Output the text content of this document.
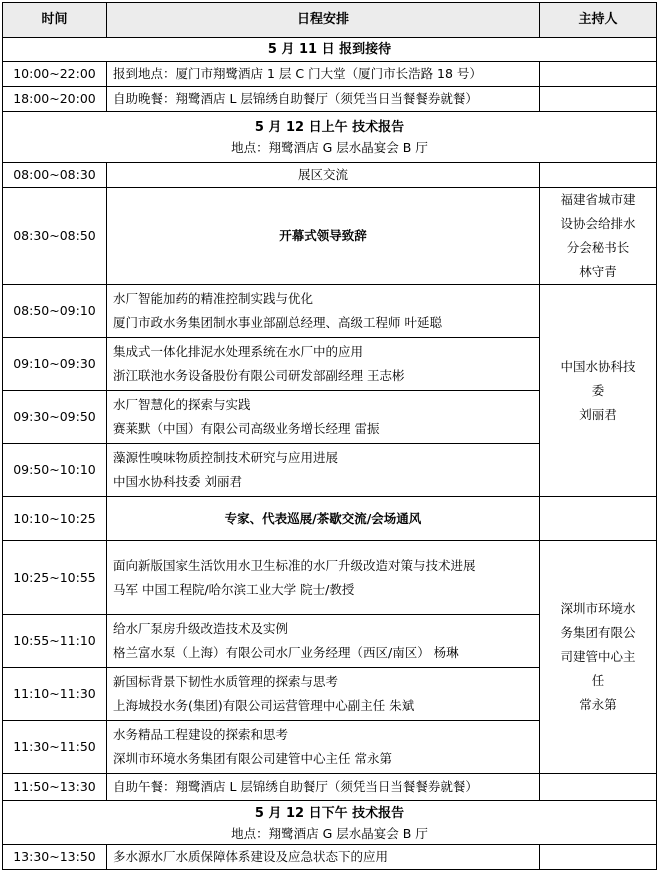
时间	日程安排	主持人
5 月 11 日 报到接待		
10:00~22:00	报到地点：厦门市翔鹭酒店 1 层 C 门大堂（厦门市长浩路 18 号）	
18:00~20:00	自助晚餐：翔鹭酒店 L 层锦绣自助餐厅（须凭当日当餐餐券就餐）	

5 月 12 日上午 技术报告
地点：翔鹭酒店 G 层水晶宴会 B 厅		

08:00~08:30	展区交流	
08:30~08:50	开幕式领导致辞	福建省城市建
设协会给排水
分会秘书长
林守青

08:50~09:10	水厂智能加药的精准控制实践与优化
厦门市政水务集团制水事业部副总经理、高级工程师 叶延聪	中国水协科技
委
刘丽君

09:10~09:30	集成式一体化排泥水处理系统在水厂中的应用
浙江联池水务设备股份有限公司研发部副经理 王志彬	

09:30~09:50	水厂智慧化的探索与实践
赛莱默（中国）有限公司高级业务增长经理 雷振	

09:50~10:10	藻源性嗅味物质控制技术研究与应用进展
中国水协科技委 刘丽君	

10:10~10:25	专家、代表巡展/茶歇交流/会场通风	
10:25~10:55	面向新版国家生活饮用水卫生标准的水厂升级改造对策与技术进展
马军 中国工程院/哈尔滨工业大学 院士/教授	深圳市环境水
务集团有限公
司建管中心主
任
常永第

10:55~11:10	给水厂泵房升级改造技术及实例
格兰富水泵（上海）有限公司水厂业务经理（西区/南区） 杨琳	

11:10~11:30	新国标背景下韧性水质管理的探索与思考
上海城投水务(集团)有限公司运营管理中心副主任 朱斌	

11:30~11:50	水务精品工程建设的探索和思考
深圳市环境水务集团有限公司建管中心主任 常永第	

11:50~13:30	自助午餐：翔鹭酒店 L 层锦绣自助餐厅（须凭当日当餐餐券就餐）	

5 月 12 日下午 技术报告
地点：翔鹭酒店 G 层水晶宴会 B 厅		

13:30~13:50	多水源水厂水质保障体系建设及应急状态下的应用	
